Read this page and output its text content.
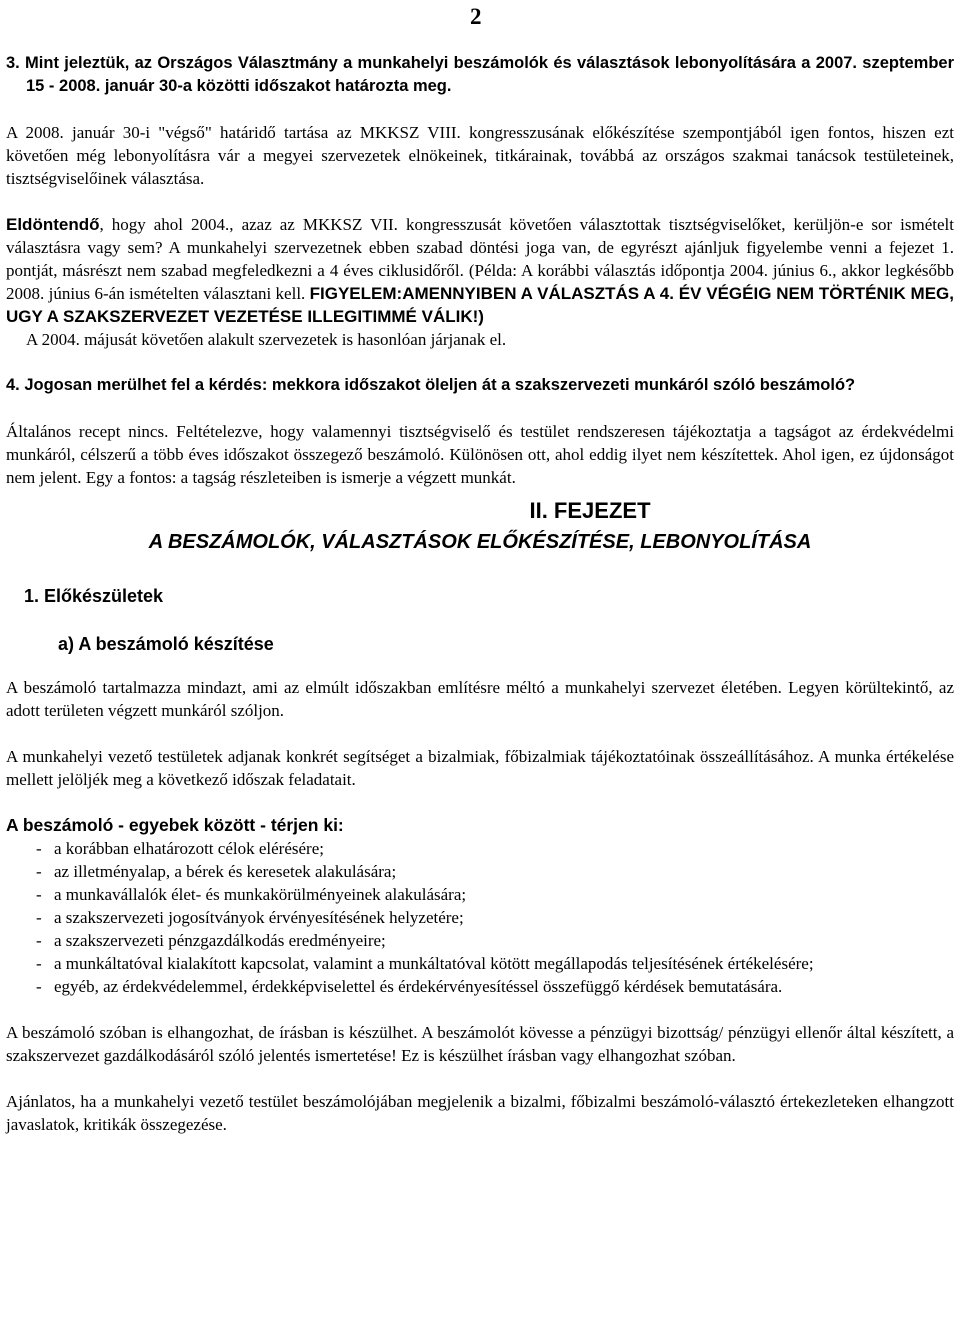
2

3. Mint jeleztük, az Országos Választmány a munkahelyi beszámolók és választások lebonyolítására a 2007. szeptember 15 - 2008. január 30-a közötti időszakot határozta meg.

A 2008. január 30-i "végső" határidő tartása az MKKSZ VIII. kongresszusának előkészítése szempontjából igen fontos, hiszen ezt követően még lebonyolításra vár a megyei szervezetek elnökeinek, titkárainak, továbbá az országos szakmai tanácsok testületeinek, tisztségviselőinek választása.

Eldöntendő, hogy ahol 2004., azaz az MKKSZ VII. kongresszusát követően választottak tisztségviselőket, kerüljön-e sor ismételt választásra vagy sem? A munkahelyi szervezetnek ebben szabad döntési joga van, de egyrészt ajánljuk figyelembe venni a fejezet 1. pontját, másrészt nem szabad megfeledkezni a 4 éves ciklusidőről. (Példa: A korábbi választás időpontja 2004. június 6., akkor legkésőbb 2008. június 6-án ismételten választani kell. FIGYELEM:AMENNYIBEN A VÁLASZTÁS A 4. ÉV VÉGÉIG NEM TÖRTÉNIK MEG, UGY A SZAKSZERVEZET VEZETÉSE ILLEGITIMMÉ VÁLIK!)

A 2004. májusát követően alakult szervezetek is hasonlóan járjanak el.

4. Jogosan merülhet fel a kérdés: mekkora időszakot öleljen át a szakszervezeti munkáról szóló beszámoló?

Általános recept nincs. Feltételezve, hogy valamennyi tisztségviselő és testület rendszeresen tájékoztatja a tagságot az érdekvédelmi munkáról, célszerű a több éves időszakot összegező beszámoló. Különösen ott, ahol eddig ilyet nem készítettek. Ahol igen, ez újdonságot nem jelent. Egy a fontos: a tagság részleteiben is ismerje a végzett munkát.

II. FEJEZET

A BESZÁMOLÓK, VÁLASZTÁSOK ELŐKÉSZÍTÉSE, LEBONYOLÍTÁSA

1. Előkészületek

a) A beszámoló készítése

A beszámoló tartalmazza mindazt, ami az elmúlt időszakban említésre méltó a munkahelyi szervezet életében. Legyen körültekintő, az adott területen végzett munkáról szóljon.

A munkahelyi vezető testületek adjanak konkrét segítséget a bizalmiak, főbizalmiak tájékoztatóinak összeállításához. A munka értékelése mellett jelöljék meg a következő időszak feladatait.

A beszámoló - egyebek között - térjen ki:

- a korábban elhatározott célok elérésére;
- az illetményalap, a bérek és keresetek alakulására;
- a munkavállalók élet- és munkakörülményeinek alakulására;
- a szakszervezeti jogosítványok érvényesítésének helyzetére;
- a szakszervezeti pénzgazdálkodás eredményeire;
- a munkáltatóval kialakított kapcsolat, valamint a munkáltatóval kötött megállapodás teljesítésének értékelésére;
- egyéb, az érdekvédelemmel, érdekképviselettel és érdekérvényesítéssel összefüggő kérdések bemutatására.

A beszámoló szóban is elhangozhat, de írásban is készülhet. A beszámolót kövesse a pénzügyi bizottság/ pénzügyi ellenőr által készített, a szakszervezet gazdálkodásáról szóló jelentés ismertetése! Ez is készülhet írásban vagy elhangozhat szóban.

Ajánlatos, ha a munkahelyi vezető testület beszámolójában megjelenik a bizalmi, főbizalmi beszámoló-választó értekezleteken elhangzott javaslatok, kritikák összegezése.
